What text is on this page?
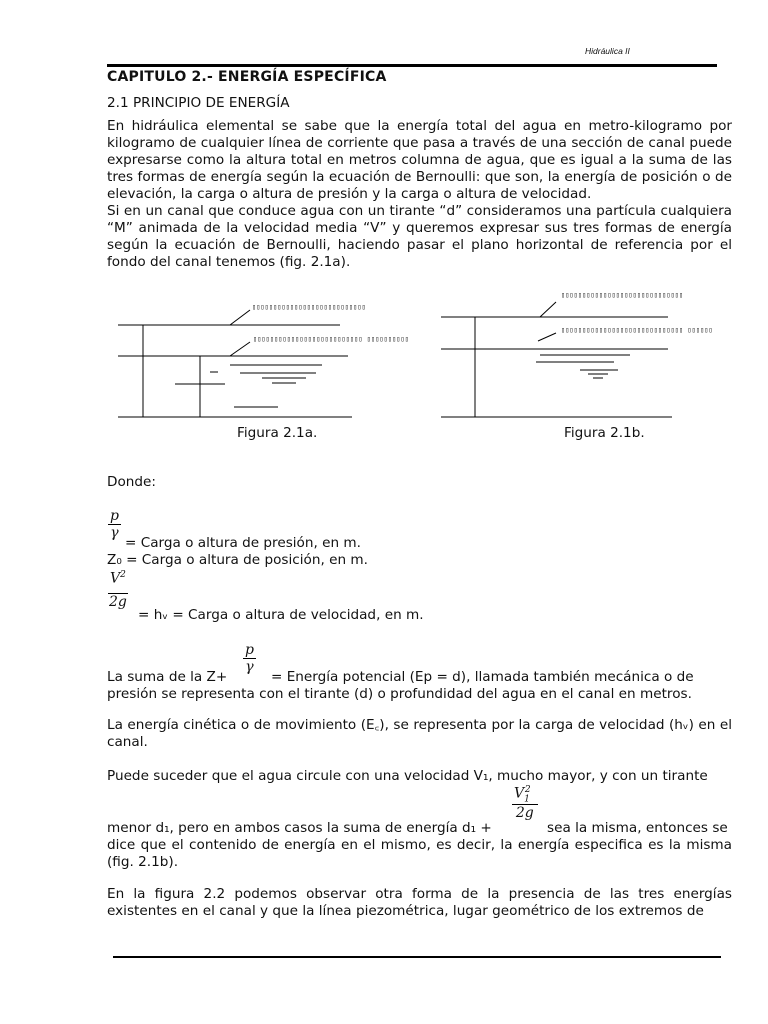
Hidráulica II
CAPITULO 2.- ENERGÍA ESPECÍFICA
2.1 PRINCIPIO DE ENERGÍA

En hidráulica elemental se sabe que la energía total del agua en metro-kilogramo por kilogramo de cualquier línea de corriente que pasa a través de una sección de canal puede expresarse como la altura total en metros columna de agua, que es igual a la suma de las tres formas de energía según la ecuación de Bernoulli: que son, la energía de posición o de elevación, la carga o altura de presión y la carga o altura de velocidad.

Si en un canal que conduce agua con un tirante “d” consideramos una partícula cualquiera “M” animada de la velocidad media “V” y queremos expresar sus tres formas de energía según la ecuación de Bernoulli, haciendo pasar el plano horizontal de referencia por el fondo del canal tenemos (fig. 2.1a).

▯▯▯▯▯▯▯▯▯▯▯▯▯▯▯▯▯▯▯▯▯▯▯▯▯▯▯
▯▯▯▯▯▯▯▯▯▯▯▯▯▯▯▯▯▯▯▯▯▯▯▯▯▯ ▯▯▯▯▯▯▯▯▯▯
▯▯▯▯▯▯▯▯▯▯▯▯▯▯▯▯▯▯▯▯▯▯▯▯▯▯▯▯▯
▯▯▯▯▯▯▯▯▯▯▯▯▯▯▯▯▯▯▯▯▯▯▯▯▯▯▯▯▯ ▯▯▯▯▯▯
Figura 2.1a.	Figura 2.1b.
Donde:
p
γ
= Carga o altura de presión, en m.
Z₀ = Carga o altura de posición, en m.
$V^2$
2g
= hᵥ = Carga o altura de velocidad, en m.
p
γ
La suma de la Z+	= Energía potencial (Ep = d), llamada también mecánica o de
presión se representa con el tirante (d) o profundidad del agua en el canal en metros.

La energía cinética o de movimiento (E꜀), se representa por la carga de velocidad (hᵥ) en el canal.

Puede suceder que el agua circule con una velocidad V₁, mucho mayor, y con un tirante
$V_1^2$
2g
menor d₁, pero en ambos casos la suma de energía d₁ +	sea la misma, entonces se

dice que el contenido de energía en el mismo, es decir, la energía especifica es la misma (fig. 2.1b).

En la figura 2.2 podemos observar otra forma de la presencia de las tres energías existentes en el canal y que la línea piezométrica, lugar geométrico de los extremos de
